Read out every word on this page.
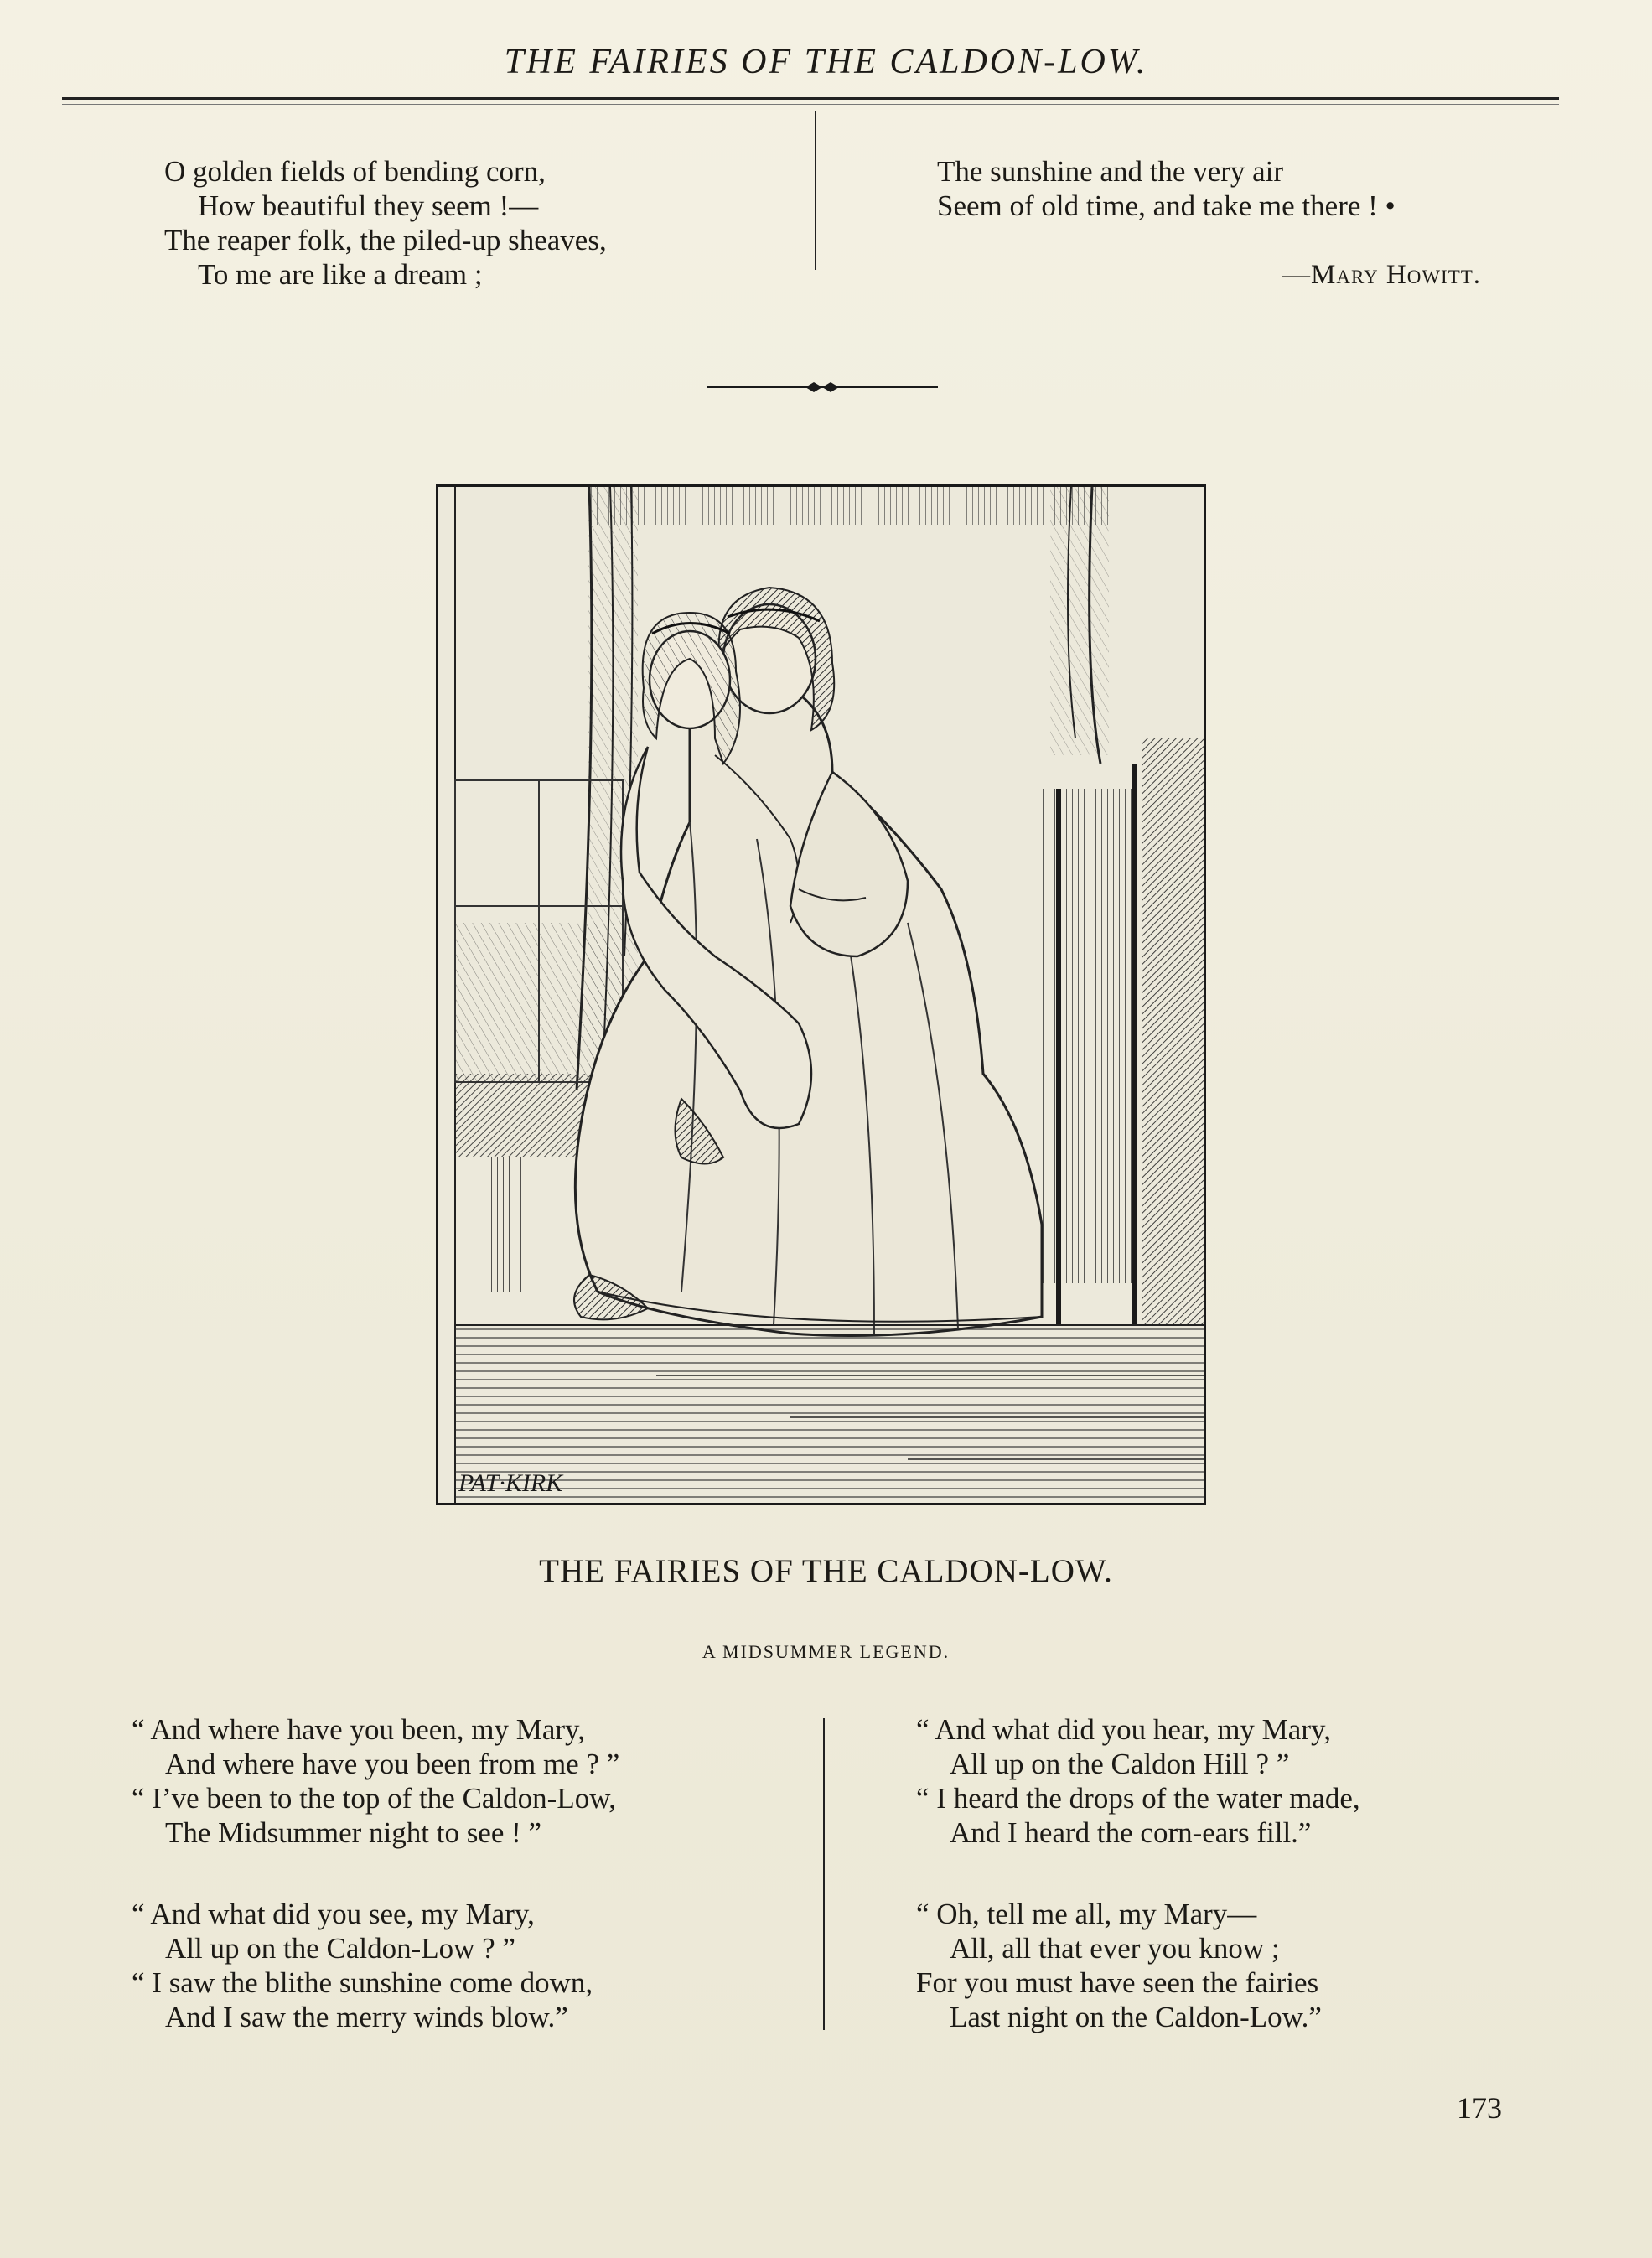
THE FAIRIES OF THE CALDON-LOW.
O golden fields of bending corn,
How beautiful they seem !—
The reaper folk, the piled-up sheaves,
To me are like a dream ;
The sunshine and the very air
Seem of old time, and take me there ! •
—Mary Howitt.
PAT·KIRK
THE FAIRIES OF THE CALDON-LOW.
A MIDSUMMER LEGEND.
“ And where have you been, my Mary,
And where have you been from me ? ”
“ I’ve been to the top of the Caldon-Low,
The Midsummer night to see ! ”
“ And what did you see, my Mary,
All up on the Caldon-Low ? ”
“ I saw the blithe sunshine come down,
And I saw the merry winds blow.”
“ And what did you hear, my Mary,
All up on the Caldon Hill ? ”
“ I heard the drops of the water made,
And I heard the corn-ears fill.”
“ Oh, tell me all, my Mary—
All, all that ever you know ;
For you must have seen the fairies
Last night on the Caldon-Low.”
173
